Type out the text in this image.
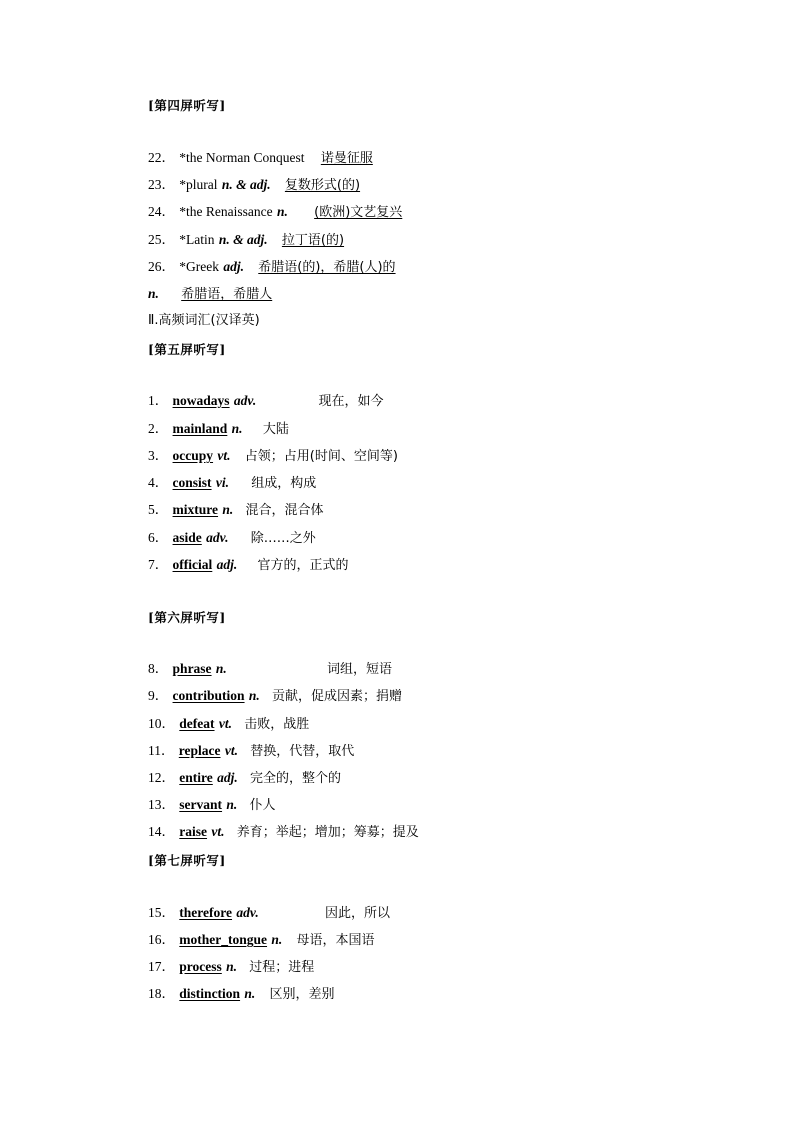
[第四屏听写]
22． *the Norman Conquest 诺曼征服
23． *plural n. & adj. 复数形式(的)
24． *the Renaissance n. (欧洲)文艺复兴
25． *Latin n. & adj. 拉丁语(的)
26． *Greek adj. 希腊语(的)，希腊(人)的
n. 希腊语，希腊人
Ⅱ.高频词汇(汉译英)
[第五屏听写]
1． nowadays adv.	现在，如今
2． mainland n. 大陆
3． occupy vt. 占领；占用(时间、空间等)
4． consist vi. 组成，构成
5． mixture n. 混合，混合体
6． aside adv. 除……之外
7． official adj. 官方的，正式的
[第六屏听写]
8． phrase n.	词组，短语
9． contribution n. 贡献，促成因素；捐赠
10． defeat vt. 击败，战胜
11． replace vt. 替换，代替，取代
12． entire adj. 完全的，整个的
13． servant n. 仆人
14． raise vt. 养育；举起；增加；筹募；提及
[第七屏听写]
15． therefore adv.	因此，所以
16． mother_tongue n. 母语，本国语
17． process n. 过程；进程
18． distinction n. 区别，差别
